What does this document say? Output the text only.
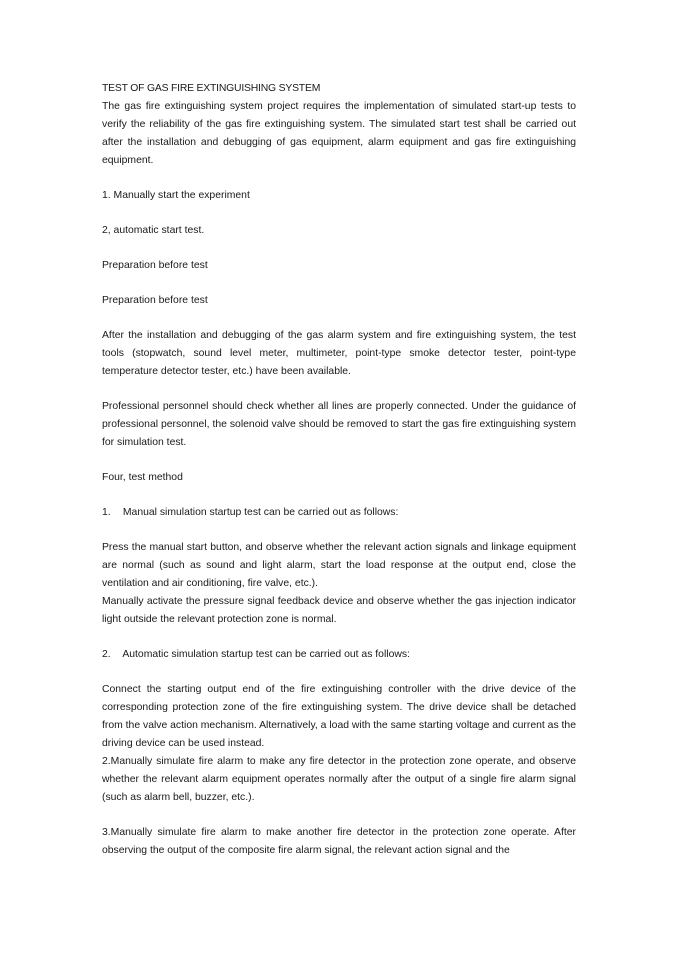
TEST OF GAS FIRE EXTINGUISHING SYSTEM

The gas fire extinguishing system project requires the implementation of simulated start-up tests to verify the reliability of the gas fire extinguishing system. The simulated start test shall be carried out after the installation and debugging of gas equipment, alarm equipment and gas fire extinguishing equipment.

1. Manually start the experiment

2, automatic start test.

Preparation before test

Preparation before test

After the installation and debugging of the gas alarm system and fire extinguishing system, the test tools (stopwatch, sound level meter, multimeter, point-type smoke detector tester, point-type temperature detector tester, etc.) have been available.

Professional personnel should check whether all lines are properly connected. Under the guidance of professional personnel, the solenoid valve should be removed to start the gas fire extinguishing system for simulation test.

Four, test method

1. Manual simulation startup test can be carried out as follows:

Press the manual start button, and observe whether the relevant action signals and linkage equipment are normal (such as sound and light alarm, start the load response at the output end, close the ventilation and air conditioning, fire valve, etc.).

Manually activate the pressure signal feedback device and observe whether the gas injection indicator light outside the relevant protection zone is normal.

2. Automatic simulation startup test can be carried out as follows:

Connect the starting output end of the fire extinguishing controller with the drive device of the corresponding protection zone of the fire extinguishing system. The drive device shall be detached from the valve action mechanism. Alternatively, a load with the same starting voltage and current as the driving device can be used instead.

2.Manually simulate fire alarm to make any fire detector in the protection zone operate, and observe whether the relevant alarm equipment operates normally after the output of a single fire alarm signal (such as alarm bell, buzzer, etc.).

3.Manually simulate fire alarm to make another fire detector in the protection zone operate. After observing the output of the composite fire alarm signal, the relevant action signal and the
